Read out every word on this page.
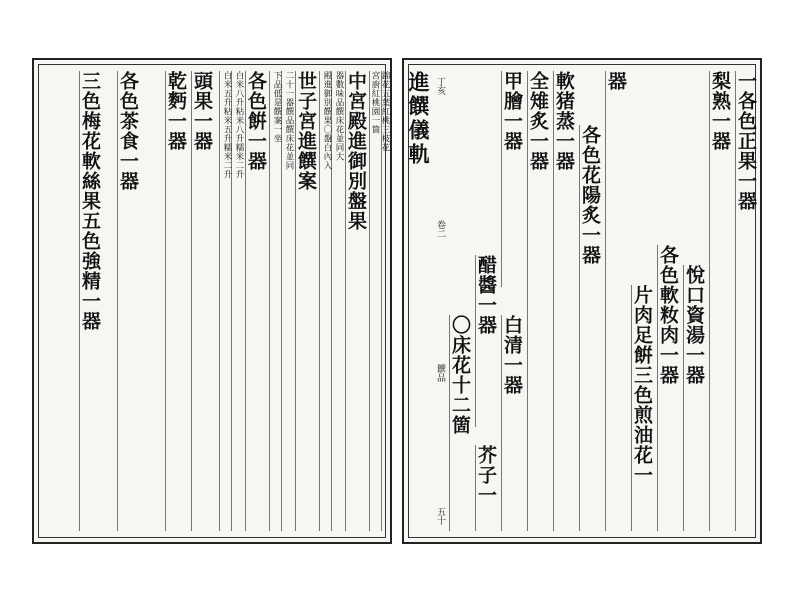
錦花五葉紅桃三枝花
宮廚紅桃園一箇
中宮殿進御別盤果
器數味品饌床花並同大
殿進御別饌果〇盤白內入
世子宮進饌案
二十一器饌品饌床花並同
下品低是饌案一坐
各色餠一器
白米八升粘米八升糯米二升
白米五升粘米五升糯米二升
頭果一器
乾麪一器
各色茶食一器
三色梅花軟絲果五色強精一器	一各色正果一器
梨熟一器
悅口資湯一器
各色軟籹肉一器
片肉足餠三色煎油花一
器
各色花陽炙一器
軟猪蒸一器
全雉炙一器
白清一器
芥子一
甲膾一器
醋醬一器
〇床花十二箇
丁亥
卷二
饌品
五十
進饌儀軌
